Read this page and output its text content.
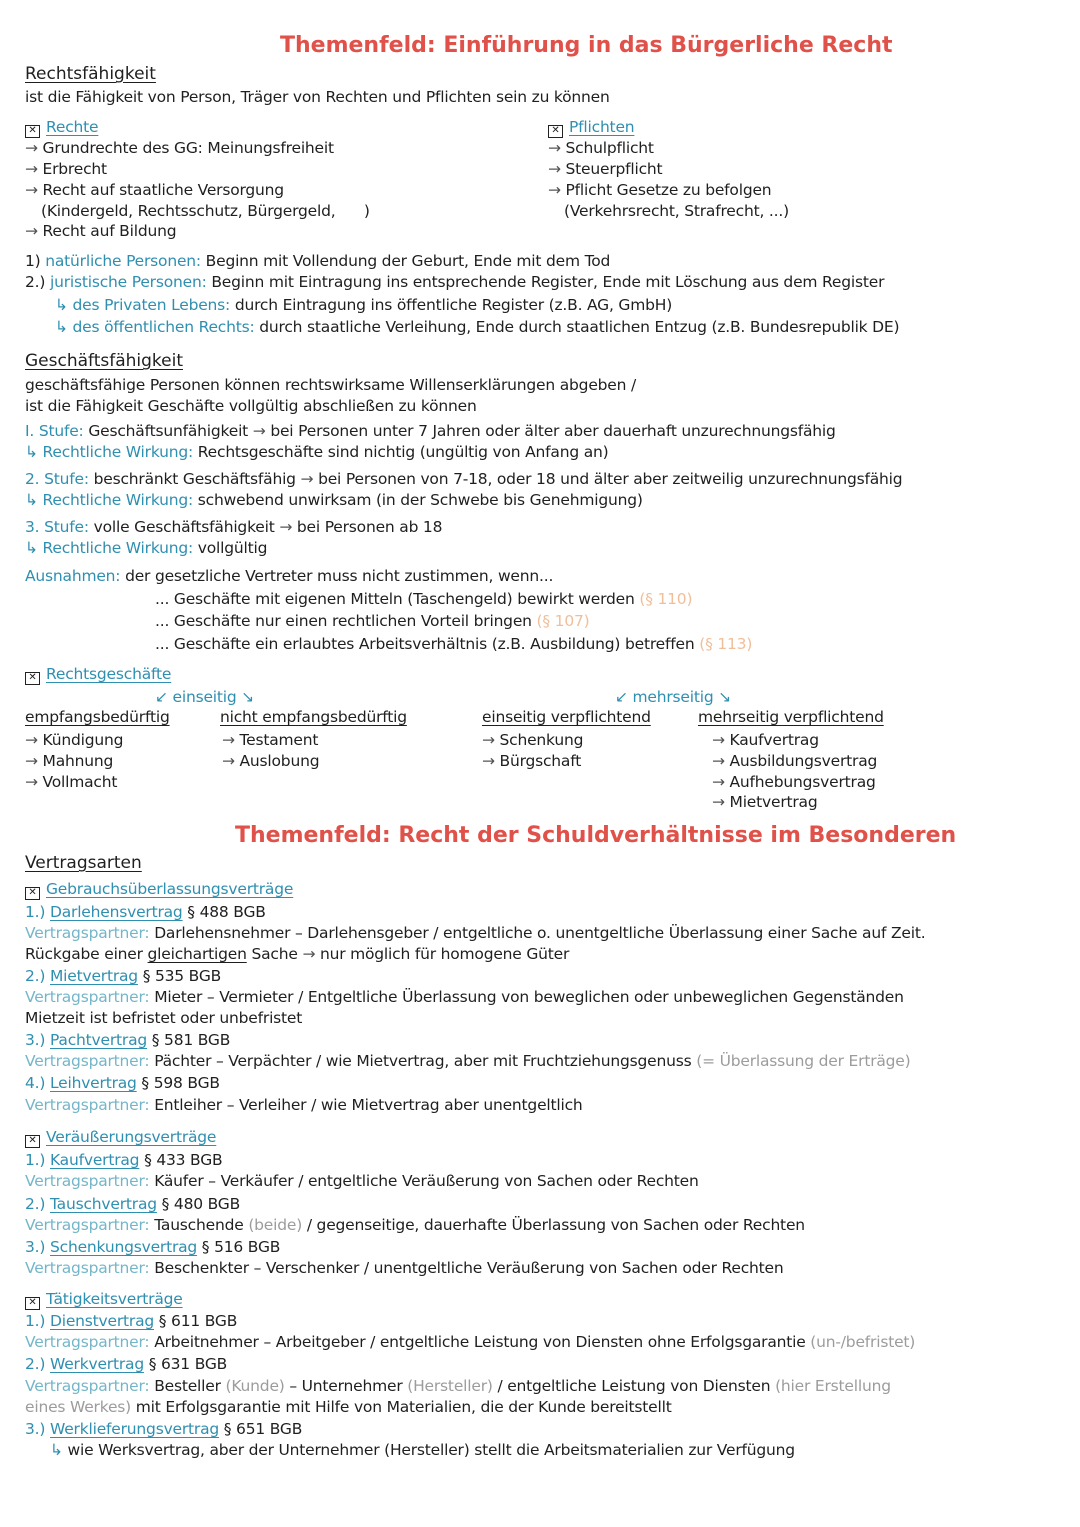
Themenfeld: Einführung in das Bürgerliche Recht
Rechtsfähigkeit
ist die Fähigkeit von Person, Träger von Rechten und Pflichten sein zu können
✕ Rechte
→ Grundrechte des GG: Meinungsfreiheit
→ Erbrecht
→ Recht auf staatliche Versorgung
(Kindergeld, Rechtsschutz, Bürgergeld,      )
→ Recht auf Bildung
✕ Pflichten
→ Schulpflicht
→ Steuerpflicht
→ Pflicht Gesetze zu befolgen
(Verkehrsrecht, Strafrecht, ...)
1) natürliche Personen: Beginn mit Vollendung der Geburt, Ende mit dem Tod
2.) juristische Personen: Beginn mit Eintragung ins entsprechende Register, Ende mit Löschung aus dem Register
↳ des Privaten Lebens: durch Eintragung ins öffentliche Register (z.B. AG, GmbH)
↳ des öffentlichen Rechts: durch staatliche Verleihung, Ende durch staatlichen Entzug (z.B. Bundesrepublik DE)
Geschäftsfähigkeit
geschäftsfähige Personen können rechtswirksame Willenserklärungen abgeben /
ist die Fähigkeit Geschäfte vollgültig abschließen zu können
I. Stufe: Geschäftsunfähigkeit → bei Personen unter 7 Jahren oder älter aber dauerhaft unzurechnungsfähig
↳ Rechtliche Wirkung: Rechtsgeschäfte sind nichtig (ungültig von Anfang an)
2. Stufe: beschränkt Geschäftsfähig → bei Personen von 7-18, oder 18 und älter aber zeitweilig unzurechnungsfähig
↳ Rechtliche Wirkung: schwebend unwirksam (in der Schwebe bis Genehmigung)
3. Stufe: volle Geschäftsfähigkeit → bei Personen ab 18
↳ Rechtliche Wirkung: vollgültig
Ausnahmen: der gesetzliche Vertreter muss nicht zustimmen, wenn...
... Geschäfte mit eigenen Mitteln (Taschengeld) bewirkt werden (§ 110)
... Geschäfte nur einen rechtlichen Vorteil bringen (§ 107)
... Geschäfte ein erlaubtes Arbeitsverhältnis (z.B. Ausbildung) betreffen (§ 113)
✕ Rechtsgeschäfte
↙ einseitig ↘	↙ mehrseitig ↘
empfangsbedürftig
→ Kündigung
→ Mahnung
→ Vollmacht
nicht empfangsbedürftig
→ Testament
→ Auslobung
einseitig verpflichtend
→ Schenkung
→ Bürgschaft
mehrseitig verpflichtend
→ Kaufvertrag
→ Ausbildungsvertrag
→ Aufhebungsvertrag
→ Mietvertrag
Themenfeld: Recht der Schuldverhältnisse im Besonderen
Vertragsarten
✕ Gebrauchsüberlassungsverträge
1.) Darlehensvertrag § 488 BGB
Vertragspartner: Darlehensnehmer – Darlehensgeber / entgeltliche o. unentgeltliche Überlassung einer Sache auf Zeit.
Rückgabe einer gleichartigen Sache → nur möglich für homogene Güter
2.) Mietvertrag § 535 BGB
Vertragspartner: Mieter – Vermieter / Entgeltliche Überlassung von beweglichen oder unbeweglichen Gegenständen
Mietzeit ist befristet oder unbefristet
3.) Pachtvertrag § 581 BGB
Vertragspartner: Pächter – Verpächter / wie Mietvertrag, aber mit Fruchtziehungsgenuss (= Überlassung der Erträge)
4.) Leihvertrag § 598 BGB
Vertragspartner: Entleiher – Verleiher / wie Mietvertrag aber unentgeltlich
✕ Veräußerungsverträge
1.) Kaufvertrag § 433 BGB
Vertragspartner: Käufer – Verkäufer / entgeltliche Veräußerung von Sachen oder Rechten
2.) Tauschvertrag § 480 BGB
Vertragspartner: Tauschende (beide) / gegenseitige, dauerhafte Überlassung von Sachen oder Rechten
3.) Schenkungsvertrag § 516 BGB
Vertragspartner: Beschenkter – Verschenker / unentgeltliche Veräußerung von Sachen oder Rechten
✕ Tätigkeitsverträge
1.) Dienstvertrag § 611 BGB
Vertragspartner: Arbeitnehmer – Arbeitgeber / entgeltliche Leistung von Diensten ohne Erfolgsgarantie (un-/befristet)
2.) Werkvertrag § 631 BGB
Vertragspartner: Besteller (Kunde) – Unternehmer (Hersteller) / entgeltliche Leistung von Diensten (hier Erstellung
eines Werkes) mit Erfolgsgarantie mit Hilfe von Materialien, die der Kunde bereitstellt
3.) Werklieferungsvertrag § 651 BGB
↳ wie Werksvertrag, aber der Unternehmer (Hersteller) stellt die Arbeitsmaterialien zur Verfügung
